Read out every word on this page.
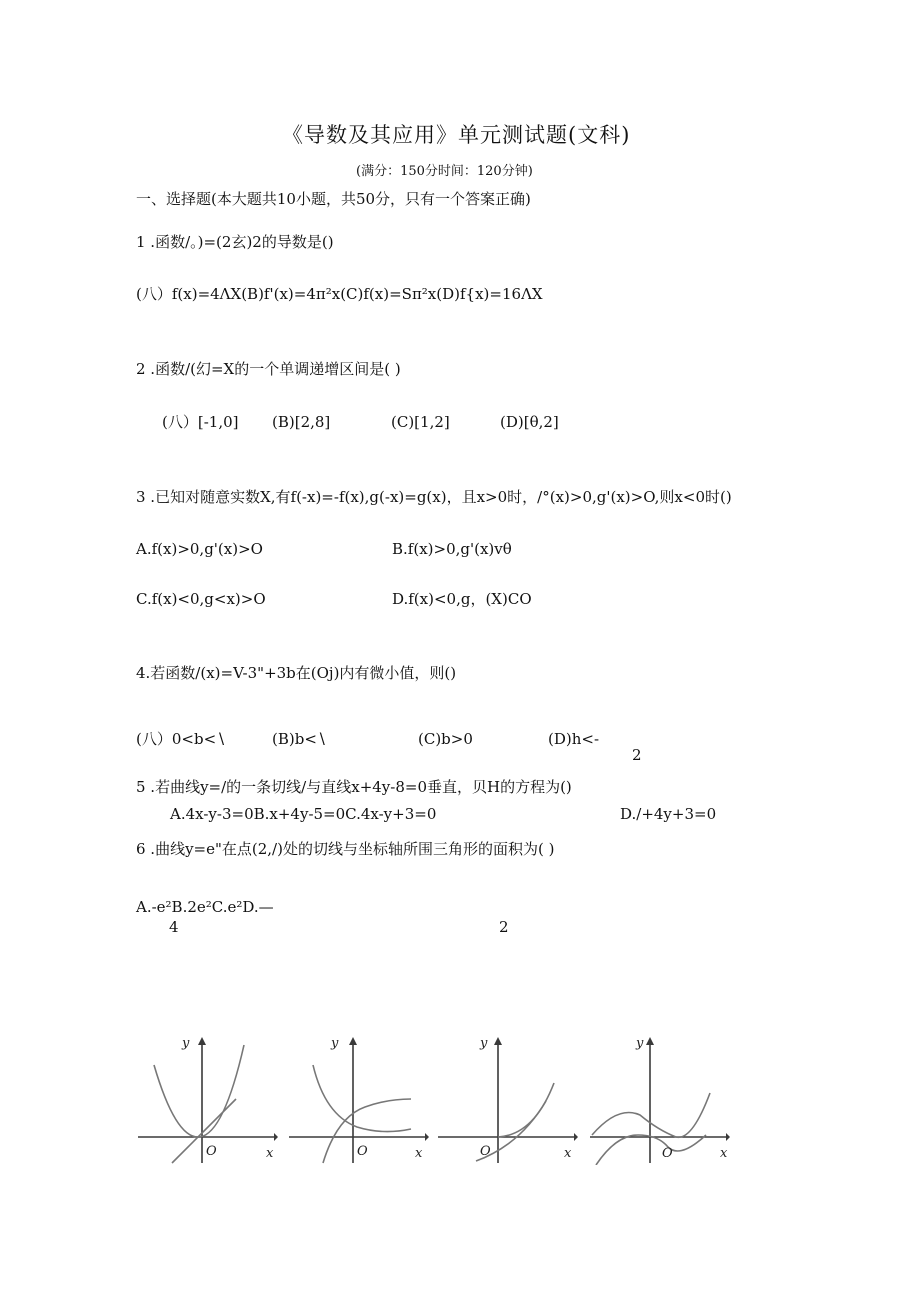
《导数及其应用》单元测试题(文科)
(满分：150分时间：120分钟)
一、选择题(本大题共10小题，共50分，只有一个答案正确)
1 .函数/。)=(2玄)2的导数是()
(八）f(x)=4ΛX(B)f'(x)=4π²x(C)f(x)=Sπ²x(D)f{x)=16ΛX
2 .函数/(幻=X的一个单调递增区间是( )
(八）[-1,0] (B)[2,8]	(C)[1,2]	(D)[θ,2]
3 .已知对随意实数X,有f(-x)=-f(x),g(-x)=g(x)，且x>0时，/°(x)>0,g'(x)>O,则x<0时()
A.f(x)>0,g'(x)>O	B.f(x)>0,g'(x)vθ
C.f(x)<0,g<x)>O	D.f(x)<0,g，(X)CO
4.若函数/(x)=V-3"+3b在(Oj)内有微小值，则()
(八）0<b<∖	(B)b<∖	(C)b>0	(D)h<-
2
5 .若曲线y=/的一条切线/与直线x+4y-8=0垂直，贝H的方程为()
A.4x-y-3=0B.x+4y-5=0C.4x-y+3=0	D./+4y+3=0
6 .曲线y=e"在点(2,/)处的切线与坐标轴所围三角形的面积为( )
A.-e²B.2e²C.e²D.—
4	2
y
x
O
y
x
O
y
x
O
y
x
O
